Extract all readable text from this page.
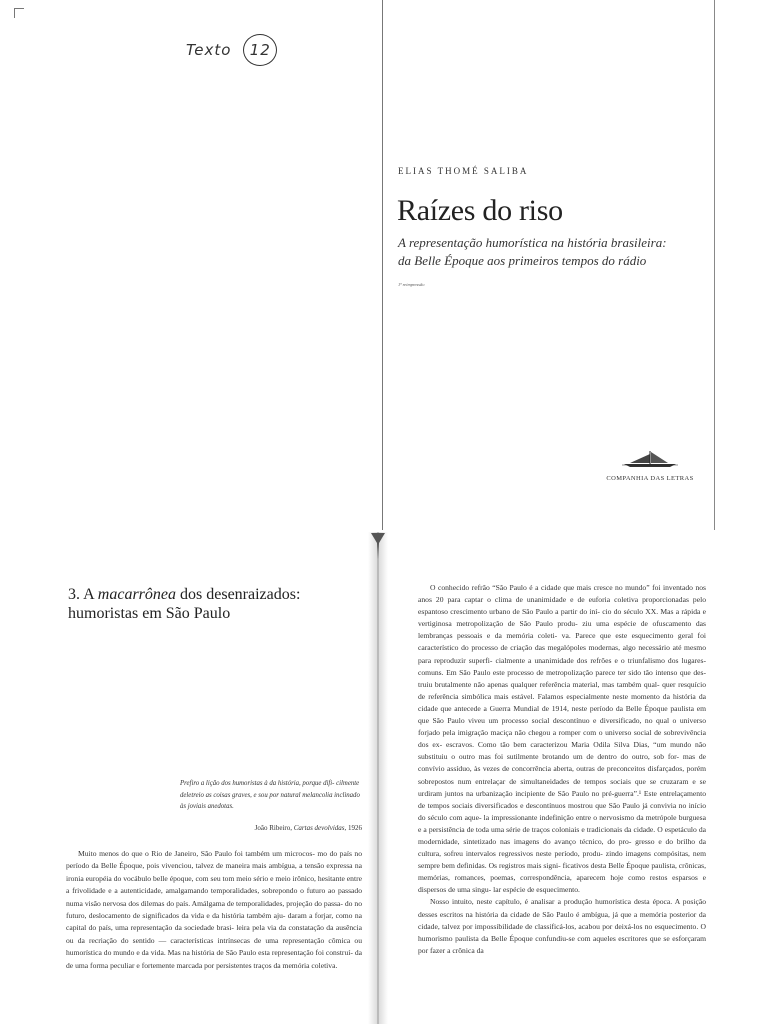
Texto 12
ELIAS THOMÉ SALIBA
Raízes do riso
A representação humorística na história brasileira:
da Belle Époque aos primeiros tempos do rádio
1ª reimpressão
COMPANHIA DAS LETRAS
3. A macarrônea dos desenraizados:
humoristas em São Paulo
Prefiro a lição dos humoristas à da história, porque difi- cilmente deletreio as coisas graves, e sou por natural melancolia inclinado às joviais anedotas.
João Ribeiro, Cartas devolvidas, 1926
Muito menos do que o Rio de Janeiro, São Paulo foi também um microcos- mo do país no período da Belle Époque, pois vivenciou, talvez de maneira mais ambígua, a tensão expressa na ironia européia do vocábulo belle époque, com seu tom meio sério e meio irônico, hesitante entre a frivolidade e a autenticidade, amalgamando temporalidades, sobrepondo o futuro ao passado numa visão nervosa dos dilemas do país. Amálgama de temporalidades, projeção do passa- do no futuro, deslocamento de significados da vida e da história também aju- daram a forjar, como na capital do país, uma representação da sociedade brasi- leira pela via da constatação da ausência ou da recriação do sentido — características intrínsecas de uma representação cômica ou humorística do mundo e da vida. Mas na história de São Paulo esta representação foi construí- da de uma forma peculiar e fortemente marcada por persistentes traços da memória coletiva.
O conhecido refrão “São Paulo é a cidade que mais cresce no mundo” foi inventado nos anos 20 para captar o clima de unanimidade e de euforia coletiva proporcionadas pelo espantoso crescimento urbano de São Paulo a partir do iní- cio do século XX. Mas a rápida e vertiginosa metropolização de São Paulo produ- ziu uma espécie de ofuscamento das lembranças pessoais e da memória coleti- va. Parece que este esquecimento geral foi característico do processo de criação das megalópoles modernas, algo necessário até mesmo para reproduzir superfi- cialmente a unanimidade dos refrões e o triunfalismo dos lugares-comuns. Em São Paulo este processo de metropolização parece ter sido tão intenso que des- truiu brutalmente não apenas qualquer referência material, mas também qual- quer resquício de referência simbólica mais estável. Falamos especialmente neste momento da história da cidade que antecede a Guerra Mundial de 1914, neste período da Belle Époque paulista em que São Paulo viveu um processo social descontínuo e diversificado, no qual o universo forjado pela imigração maciça não chegou a romper com o universo social de sobrevivência dos ex- escravos. Como tão bem caracterizou Maria Odila Silva Dias, “um mundo não substituiu o outro mas foi sutilmente brotando um de dentro do outro, sob for- mas de convívio assíduo, às vezes de concorrência aberta, outras de preconceitos disfarçados, porém sobrepostos num entrelaçar de simultaneidades de tempos sociais que se cruzaram e se urdiram juntos na urbanização incipiente de São Paulo no pré-guerra”.¹ Este entrelaçamento de tempos sociais diversificados e descontínuos mostrou que São Paulo já convivia no início do século com aque- la impressionante indefinição entre o nervosismo da metrópole burguesa e a persistência de toda uma série de traços coloniais e tradicionais da cidade. O espetáculo da modernidade, sintetizado nas imagens do avanço técnico, do pro- gresso e do brilho da cultura, sofreu intervalos regressivos neste período, produ- zindo imagens compósitas, nem sempre bem definidas. Os registros mais signi- ficativos desta Belle Époque paulista, crônicas, memórias, romances, poemas, correspondência, aparecem hoje como restos esparsos e dispersos de uma singu- lar espécie de esquecimento.
Nosso intuito, neste capítulo, é analisar a produção humorística desta época. A posição desses escritos na história da cidade de São Paulo é ambígua, já que a memória posterior da cidade, talvez por impossibilidade de classificá-los, acabou por deixá-los no esquecimento. O humorismo paulista da Belle Époque confundiu-se com aqueles escritores que se esforçaram por fazer a crônica da
